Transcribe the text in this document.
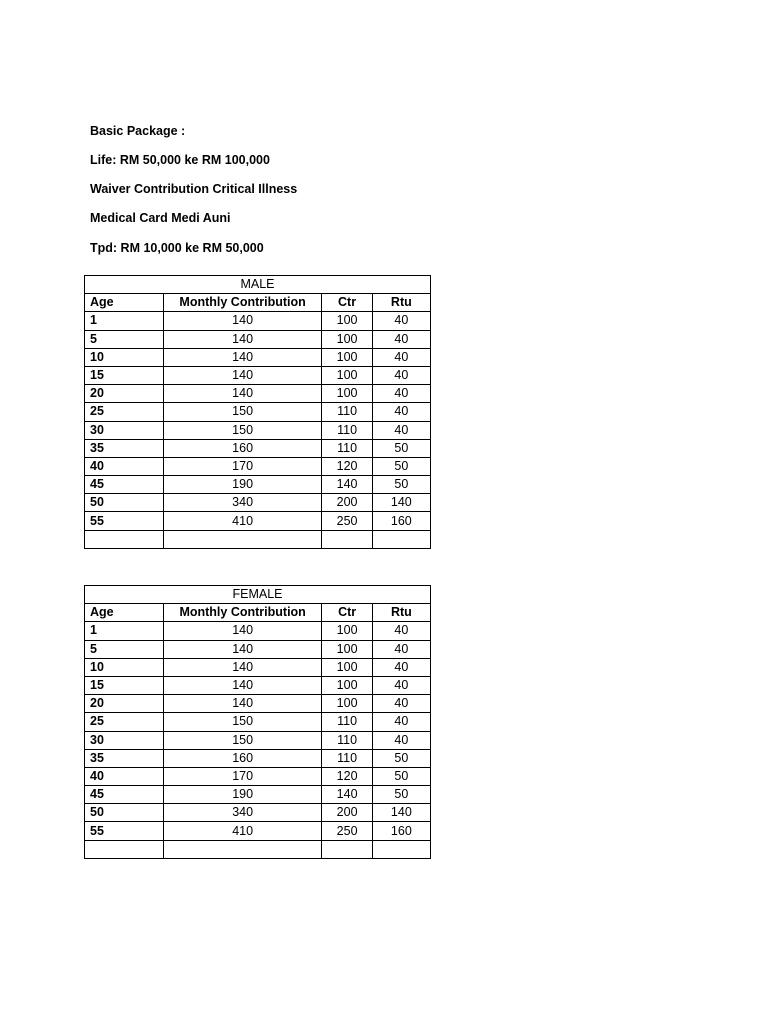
Basic Package :
Life: RM 50,000 ke RM 100,000
Waiver Contribution Critical Illness
Medical Card Medi Auni
Tpd: RM 10,000 ke RM 50,000
MALE			
Age	Monthly Contribution	Ctr	Rtu
1	140	100	40
5	140	100	40
10	140	100	40
15	140	100	40
20	140	100	40
25	150	110	40
30	150	110	40
35	160	110	50
40	170	120	50
45	190	140	50
50	340	200	140
55	410	250	160

FEMALE			
Age	Monthly Contribution	Ctr	Rtu
1	140	100	40
5	140	100	40
10	140	100	40
15	140	100	40
20	140	100	40
25	150	110	40
30	150	110	40
35	160	110	50
40	170	120	50
45	190	140	50
50	340	200	140
55	410	250	160
